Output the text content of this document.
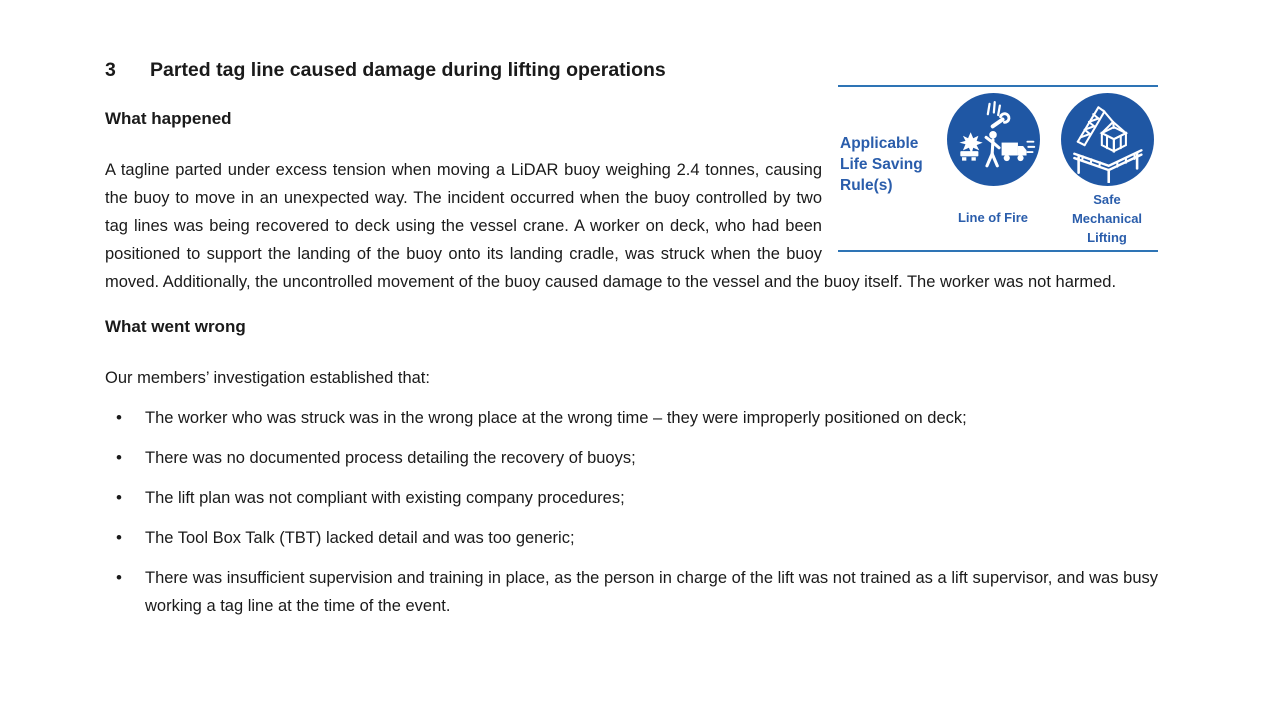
Applicable Life Saving Rule(s)
Line of Fire
Safe Mechanical Lifting
3	Parted tag line caused damage during lifting operations
What happened

A tagline parted under excess tension when moving a LiDAR buoy weighing 2.4 tonnes, causing the buoy to move in an unexpected way. The incident occurred when the buoy controlled by two tag lines was being recovered to deck using the vessel crane. A worker on deck, who had been positioned to support the landing of the buoy onto its landing cradle, was struck when the buoy moved. Additionally, the uncontrolled movement of the buoy caused damage to the vessel and the buoy itself. The worker was not harmed.

What went wrong

Our members’ investigation established that:

• The worker who was struck was in the wrong place at the wrong time – they were improperly positioned on deck;
• There was no documented process detailing the recovery of buoys;
• The lift plan was not compliant with existing company procedures;
• The Tool Box Talk (TBT) lacked detail and was too generic;
• There was insufficient supervision and training in place, as the person in charge of the lift was not trained as a lift supervisor, and was busy working a tag line at the time of the event.
